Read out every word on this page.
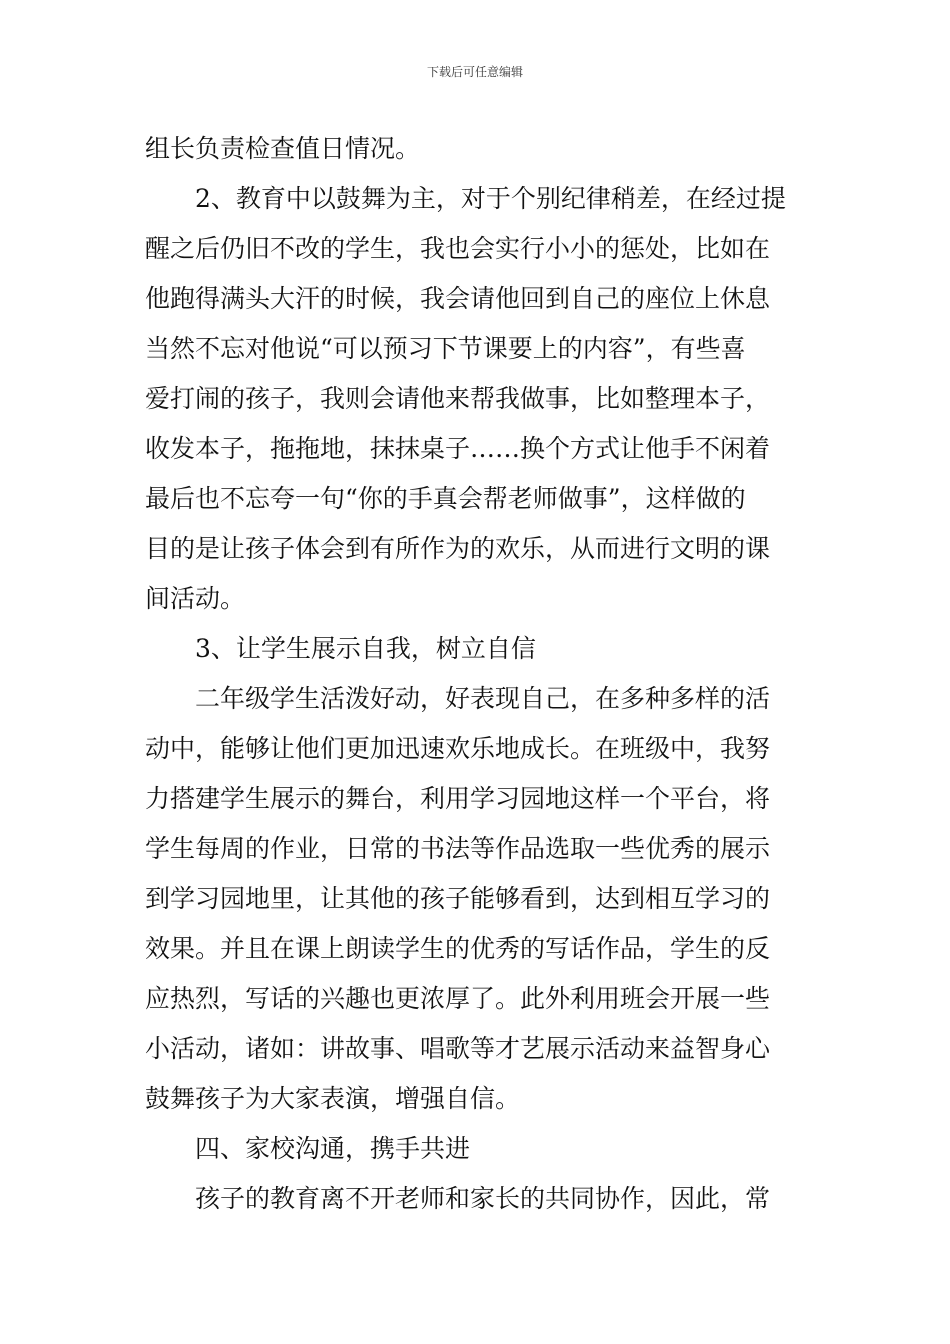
下载后可任意编辑
组长负责检查值日情况。
2、教育中以鼓舞为主，对于个别纪律稍差，在经过提
醒之后仍旧不改的学生，我也会实行小小的惩处，比如在
他跑得满头大汗的时候，我会请他回到自己的座位上休息
当然不忘对他说“可以预习下节课要上的内容”，有些喜
爱打闹的孩子，我则会请他来帮我做事，比如整理本子，
收发本子，拖拖地，抹抹桌子……换个方式让他手不闲着
最后也不忘夸一句“你的手真会帮老师做事”，这样做的
目的是让孩子体会到有所作为的欢乐，从而进行文明的课
间活动。
3、让学生展示自我，树立自信
二年级学生活泼好动，好表现自己，在多种多样的活
动中，能够让他们更加迅速欢乐地成长。在班级中，我努
力搭建学生展示的舞台，利用学习园地这样一个平台，将
学生每周的作业，日常的书法等作品选取一些优秀的展示
到学习园地里，让其他的孩子能够看到，达到相互学习的
效果。并且在课上朗读学生的优秀的写话作品，学生的反
应热烈，写话的兴趣也更浓厚了。此外利用班会开展一些
小活动，诸如：讲故事、唱歌等才艺展示活动来益智身心
鼓舞孩子为大家表演，增强自信。
四、家校沟通，携手共进
孩子的教育离不开老师和家长的共同协作，因此，常
